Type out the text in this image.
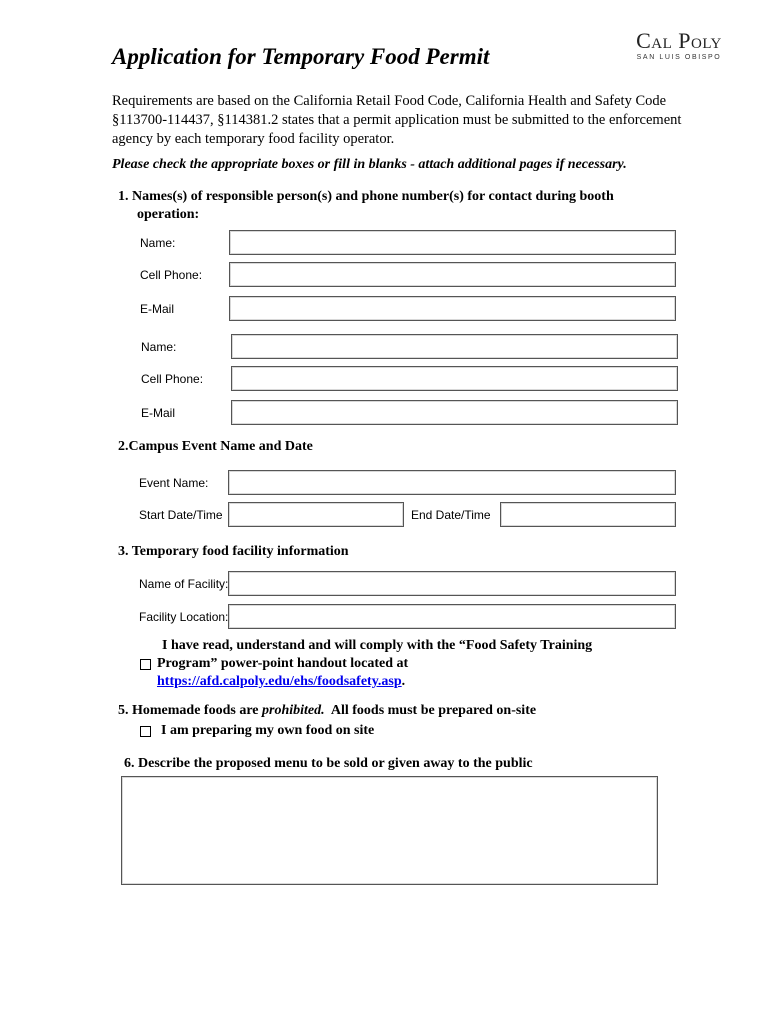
Application for Temporary Food Permit
Cal Poly
SAN LUIS OBISPO
Requirements are based on the California Retail Food Code, California Health and Safety Code §113700-114437, §114381.2 states that a permit application must be submitted to the enforcement agency by each temporary food facility operator.
Please check the appropriate boxes or fill in blanks - attach additional pages if necessary.
1. Names(s) of responsible person(s) and phone number(s) for contact during booth
operation:
Name:
Cell Phone:
E-Mail
Name:
Cell Phone:
E-Mail
2.Campus Event Name and Date
Event Name:
Start Date/Time	End Date/Time
3. Temporary food facility information
Name of Facility:
Facility Location:
I have read, understand and will comply with the “Food Safety Training
Program” power-point handout located at
https://afd.calpoly.edu/ehs/foodsafety.asp.
5. Homemade foods are prohibited.  All foods must be prepared on-site
I am preparing my own food on site
6. Describe the proposed menu to be sold or given away to the public
